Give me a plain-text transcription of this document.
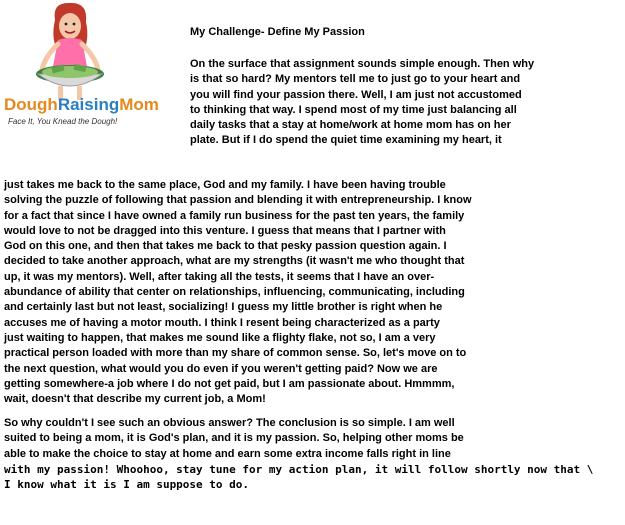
DoughRaisingMom
Face It, You Knead the Dough!
My Challenge- Define My Passion
On the surface that assignment sounds simple enough. Then why
is that so hard? My mentors tell me to just go to your heart and
you will find your passion there. Well, I am just not accustomed
to thinking that way. I spend most of my time just balancing all
daily tasks that a stay at home/work at home mom has on her
plate. But if I do spend the quiet time examining my heart, it
just takes me back to the same place, God and my family. I have been having trouble
solving the puzzle of following that passion and blending it with entrepreneurship. I know
for a fact that since I have owned a family run business for the past ten years, the family
would love to not be dragged into this venture. I guess that means that I partner with
God on this one, and then that takes me back to that pesky passion question again. I
decided to take another approach, what are my strengths (it wasn't me who thought that
up, it was my mentors). Well, after taking all the tests, it seems that I have an over-
abundance of ability that center on relationships, influencing, communicating, including
and certainly last but not least, socializing! I guess my little brother is right when he
accuses me of having a motor mouth. I think I resent being characterized as a party
just waiting to happen, that makes me sound like a flighty flake, not so, I am a very
practical person loaded with more than my share of common sense. So, let's move on to
the next question, what would you do even if you weren't getting paid? Now we are
getting somewhere-a job where I do not get paid, but I am passionate about. Hmmmm,
wait, doesn't that describe my current job, a Mom!
So why couldn't I see such an obvious answer? The conclusion is so simple. I am well
suited to being a mom, it is God's plan, and it is my passion. So, helping other moms be
able to make the choice to stay at home and earn some extra income falls right in line
with my passion! Whoohoo, stay tune for my action plan, it will follow shortly now that \
I know what it is I am suppose to do.
